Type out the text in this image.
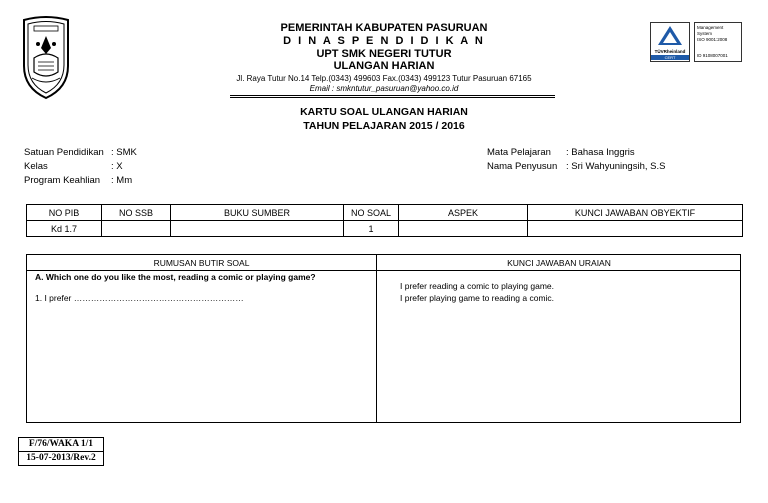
PEMERINTAH KABUPATEN PASURUAN
D I N A S P E N D I D I K A N
UPT SMK NEGERI TUTUR
ULANGAN HARIAN
Jl. Raya Tutur No.14 Telp.(0343) 499603 Fax.(0343) 499123 Tutur Pasuruan 67165
Email : smkntutur_pasuruan@yahoo.co.id
TÜVRheinland
CERT
Management
System
ISO 9001:2008
ID 9108007001
KARTU SOAL ULANGAN HARIAN
TAHUN PELAJARAN 2015 / 2016
Satuan Pendidikan : SMK
Kelas	: X
Program Keahlian : Mm
Mata Pelajaran : Bahasa Inggris
Nama Penyusun : Sri Wahyuningsih, S.S
NO PIB	NO SSB	BUKU SUMBER	NO SOAL	ASPEK	KUNCI JAWABAN OBYEKTIF
Kd 1.7			1		
RUMUSAN BUTIR SOAL	KUNCI JAWABAN URAIAN
A. Which one do you like the most, reading a comic or playing game?
1. I prefer ……………………………………………………
I prefer reading a comic to playing game.
I prefer playing game to reading a comic.
F/76/WAKA 1/1
15-07-2013/Rev.2
